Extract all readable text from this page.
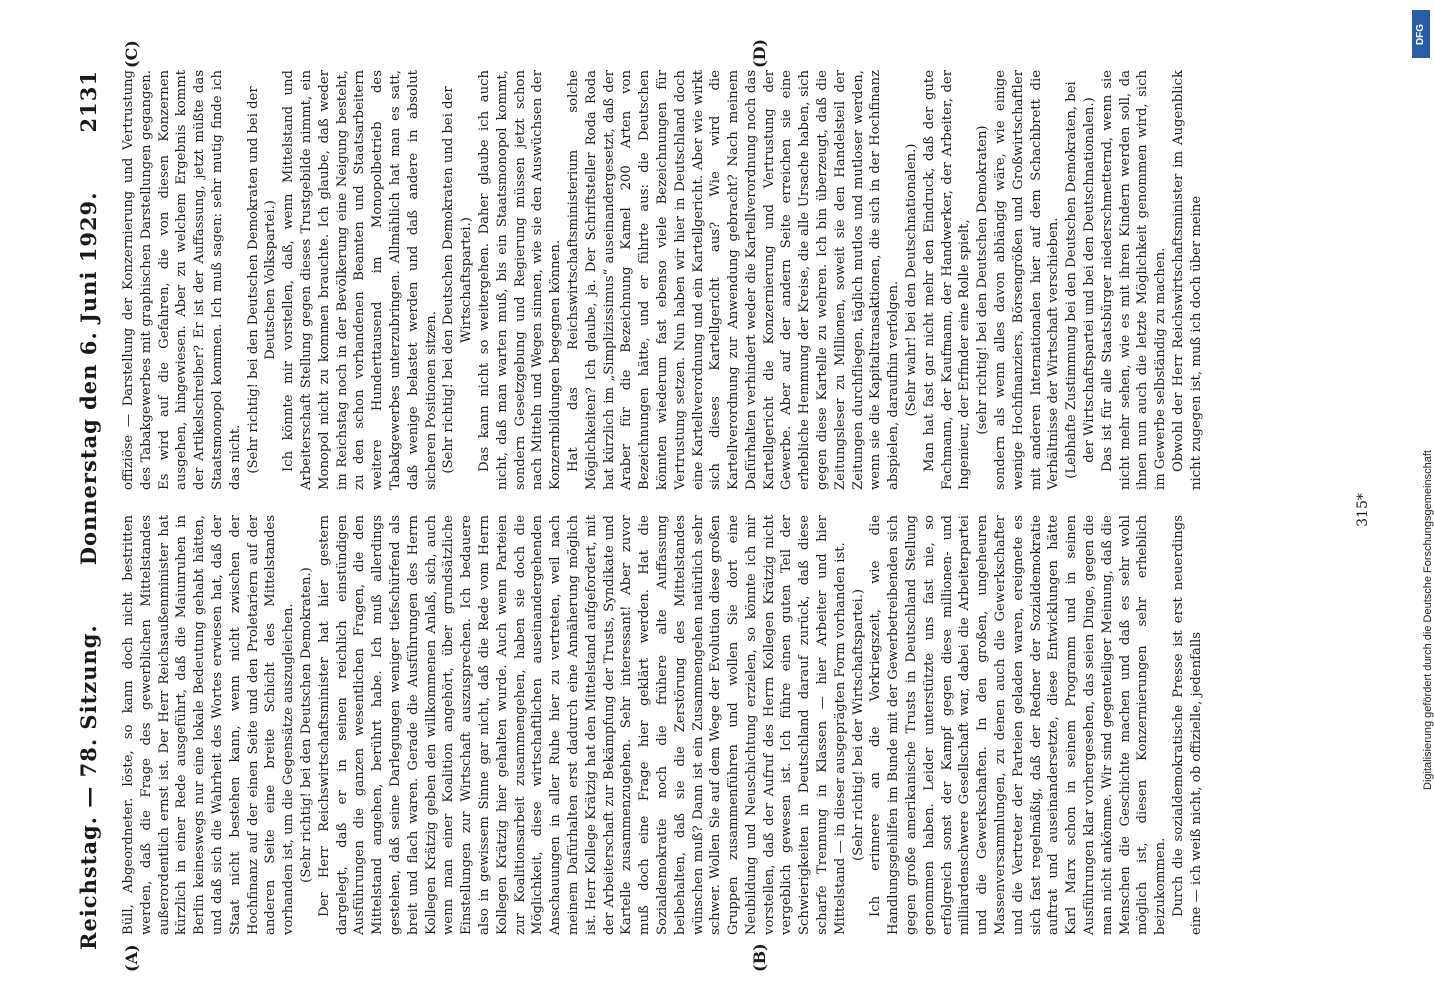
Reichstag. — 78. Sitzung.
Donnerstag den 6. Juni 1929.
2131
(A)	(B)
(C)	(D)

Büll, Abgeordneter. löste, so kann doch nicht bestritten werden, daß die Frage des gewerblichen Mittelstandes außerordentlich ernst ist. Der Herr Reichsaußenminister hat kürzlich in einer Rede ausgeführt, daß die Maiunruhen in Berlin keineswegs nur eine lokale Bedeutung gehabt hätten, und daß sich die Wahrheit des Wortes erwiesen hat, daß der Staat nicht bestehen kann, wenn nicht zwischen der Hochfinanz auf der einen Seite und den Proletariern auf der anderen Seite eine breite Schicht des Mittelstandes vorhanden ist, um die Gegensätze auszugleichen. (Sehr richtig! bei den Deutschen Demokraten.) Der Herr Reichswirtschaftsminister hat hier gestern dargelegt, daß er in seinen reichlich einstündigen Ausführungen die ganzen wesentlichen Fragen, die den Mittelstand angehen, berührt habe. Ich muß allerdings gestehen, daß seine Darlegungen weniger tiefschürfend als breit und flach waren. Gerade die Ausführungen des Herrn Kollegen Krätzig geben den willkommenen Anlaß, sich, auch wenn man einer Koalition angehört, über grundsätzliche Einstellungen zur Wirtschaft auszusprechen. Ich bedauere also in gewissem Sinne gar nicht, daß die Rede vom Herrn Kollegen Krätzig hier gehalten wurde. Auch wenn Parteien zur Koalitionsarbeit zusammengehen, haben sie doch die Möglichkeit, diese wirtschaftlichen auseinandergehenden Anschauungen in aller Ruhe hier zu vertreten, weil nach meinem Dafürhalten erst dadurch eine Annäherung möglich ist. Herr Kollege Krätzig hat den Mittelstand aufgefordert, mit der Arbeiterschaft zur Bekämpfung der Trusts, Syndikate und Kartelle zusammenzugehen. Sehr interessant! Aber zuvor muß doch eine Frage hier geklärt werden. Hat die Sozialdemokratie noch die frühere alte Auffassung beibehalten, daß sie die Zerstörung des Mittelstandes wünschen muß? Dann ist ein Zusammengehen natürlich sehr schwer. Wollen Sie auf dem Wege der Evolution diese großen Gruppen zusammenführen und wollen Sie dort eine Neubildung und Neuschichtung erzielen, so könnte ich mir vorstellen, daß der Aufruf des Herrn Kollegen Krätzig nicht vergeblich gewesen ist. Ich führe einen guten Teil der Schwierigkeiten in Deutschland darauf zurück, daß diese scharfe Trennung in Klassen — hier Arbeiter und hier Mittelstand — in dieser ausgeprägten Form vorhanden ist. (Sehr richtig! bei der Wirtschaftspartei.) Ich erinnere an die Vorkriegszeit, wie die Handlungsgehilfen im Bunde mit der Gewerbetreibenden sich gegen große amerikanische Trusts in Deutschland Stellung genommen haben. Leider unterstützte uns fast nie, so erfolgreich sonst der Kampf gegen diese millionen- und milliardenschwere Gesellschaft war, dabei die Arbeiterpartei und die Gewerkschaften. In den großen, ungeheuren Massenversammlungen, zu denen auch die Gewerkschafter und die Vertreter der Parteien geladen waren, ereignete es sich fast regelmäßig, daß der Redner der Sozialdemokratie auftrat und auseinandersetzte, diese Entwicklungen hätte Karl Marx schon in seinem Programm und in seinen Ausführungen klar vorhergesehen, das seien Dinge, gegen die man nicht ankömme. Wir sind gegenteiliger Meinung, daß die Menschen die Geschichte machen und daß es sehr wohl möglich ist, diesen Konzernierungen sehr erheblich beizukommen. Durch die sozialdemokratische Presse ist erst neuerdings eine — ich weiß nicht, ob offizielle, jedenfalls

offiziöse — Darstellung der Konzernierung und Vertrustung des Tabakgewerbes mit graphischen Darstellungen gegangen. Es wird auf die Gefahren, die von diesen Konzernen ausgehen, hingewiesen. Aber zu welchem Ergebnis kommt der Artikelschreiber? Er ist der Auffassung, jetzt müßte das Staatsmonopol kommen. Ich muß sagen: sehr mutig finde ich das nicht. (Sehr richtig! bei den Deutschen Demokraten und bei der Deutschen Volkspartei.) Ich könnte mir vorstellen, daß, wenn Mittelstand und Arbeiterschaft Stellung gegen dieses Trustgebilde nimmt, ein Monopol nicht zu kommen brauchte. Ich glaube, daß weder im Reichstag noch in der Bevölkerung eine Neigung besteht, zu den schon vorhandenen Beamten und Staatsarbeitern weitere Hunderttausend im Monopolbetrieb des Tabakgewerbes unterzubringen. Allmählich hat man es satt, daß wenige belastet werden und daß andere in absolut sicheren Positionen sitzen. (Sehr richtig! bei den Deutschen Demokraten und bei der Wirtschaftspartei.) Das kann nicht so weitergehen. Daher glaube ich auch nicht, daß man warten muß, bis ein Staatsmonopol kommt, sondern Gesetzgebung und Regierung müssen jetzt schon nach Mitteln und Wegen sinnen, wie sie den Auswüchsen der Konzernbildungen begegnen können. Hat das Reichswirtschaftsministerium solche Möglichkeiten? Ich glaube, ja. Der Schriftsteller Roda Roda hat kürzlich im „Simplizissimus“ auseinandergesetzt, daß der Araber für die Bezeichnung Kamel 200 Arten von Bezeichnungen hätte, und er führte aus: die Deutschen könnten wiederum fast ebenso viele Bezeichnungen für Vertrustung setzen. Nun haben wir hier in Deutschland doch eine Kartellverordnung und ein Kartellgericht. Aber wie wirkt sich dieses Kartellgericht aus? Wie wird die Kartellverordnung zur Anwendung gebracht? Nach meinem Dafürhalten verhindert weder die Kartellverordnung noch das Kartellgericht die Konzernierung und Vertrustung der Gewerbe. Aber auf der andern Seite erreichen sie eine erhebliche Hemmung der Kreise, die alle Ursache haben, sich gegen diese Kartelle zu wehren. Ich bin überzeugt, daß die Zeitungsleser zu Millionen, soweit sie den Handelsteil der Zeitungen durchfliegen, täglich mutlos und mutloser werden, wenn sie die Kapitaltransaktionen, die sich in der Hochfinanz abspielen, daraufhin verfolgen. (Sehr wahr! bei den Deutschnationalen.) Man hat fast gar nicht mehr den Eindruck, daß der gute Fachmann, der Kaufmann, der Handwerker, der Arbeiter, der Ingenieur, der Erfinder eine Rolle spielt, (sehr richtig! bei den Deutschen Demokraten) sondern als wenn alles davon abhängig wäre, wie einige wenige Hochfinanziers, Börsengrößen und Großwirtschaftler mit anderen Internationalen hier auf dem Schachbrett die Verhältnisse der Wirtschaft verschieben. (Lebhafte Zustimmung bei den Deutschen Demokraten, bei der Wirtschaftspartei und bei den Deutschnationalen.) Das ist für alle Staatsbürger niederschmetternd, wenn sie nicht mehr sehen, wie es mit ihren Kindern werden soll, da ihnen nun auch die letzte Möglichkeit genommen wird, sich im Gewerbe selbständig zu machen. Obwohl der Herr Reichswirtschaftsminister im Augenblick nicht zugegen ist, muß ich doch über meine

315*
DFG
Digitalisierung gefördert durch die Deutsche Forschungsgemeinschaft
